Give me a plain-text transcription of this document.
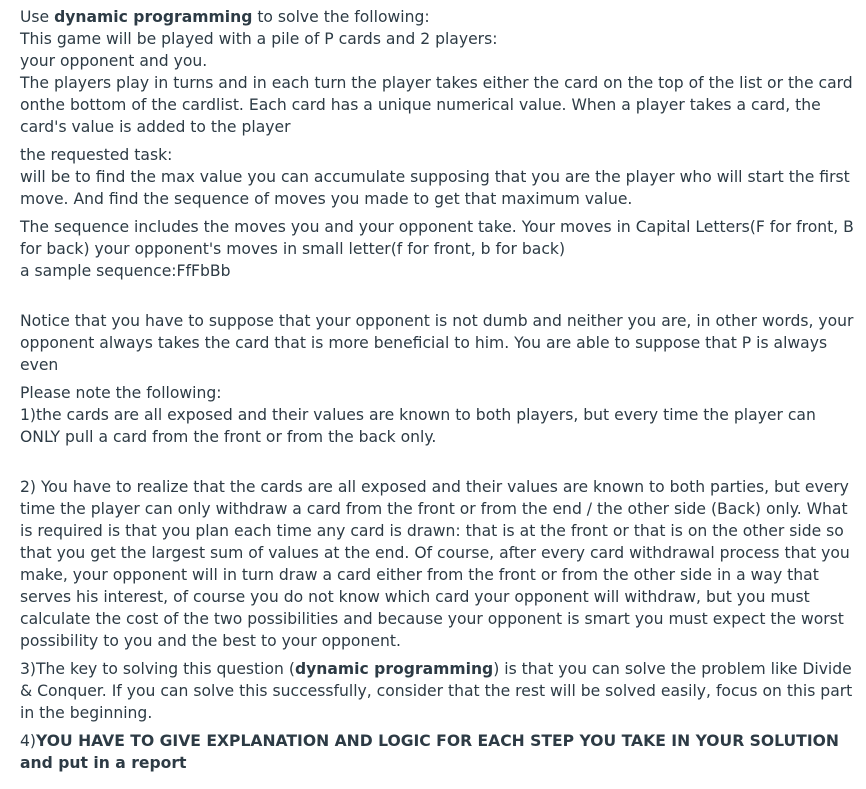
Use dynamic programming to solve the following:

This game will be played with a pile of P cards and 2 players:

your opponent and you.

The players play in turns and in each turn the player takes either the card on the top of the list or the card onthe bottom of the cardlist. Each card has a unique numerical value. When a player takes a card, the card's value is added to the player

the requested task:

will be to find the max value you can accumulate supposing that you are the player who will start the first move. And find the sequence of moves you made to get that maximum value.

The sequence includes the moves you and your opponent take. Your moves in Capital Letters(F for front, B for back) your opponent's moves in small letter(f for front, b for back)

a sample sequence:FfFbBb

Notice that you have to suppose that your opponent is not dumb and neither you are, in other words, your opponent always takes the card that is more beneficial to him. You are able to suppose that P is always even

Please note the following:

1)the cards are all exposed and their values are known to both players, but every time the player can ONLY pull a card from the front or from the back only.

2) You have to realize that the cards are all exposed and their values are known to both parties, but every time the player can only withdraw a card from the front or from the end / the other side (Back) only. What is required is that you plan each time any card is drawn: that is at the front or that is on the other side so that you get the largest sum of values at the end. Of course, after every card withdrawal process that you make, your opponent will in turn draw a card either from the front or from the other side in a way that serves his interest, of course you do not know which card your opponent will withdraw, but you must calculate the cost of the two possibilities and because your opponent is smart you must expect the worst possibility to you and the best to your opponent.

3)The key to solving this question (dynamic programming) is that you can solve the problem like Divide & Conquer. If you can solve this successfully, consider that the rest will be solved easily, focus on this part in the beginning.

4)YOU HAVE TO GIVE EXPLANATION AND LOGIC FOR EACH STEP YOU TAKE IN YOUR SOLUTION and put in a report
